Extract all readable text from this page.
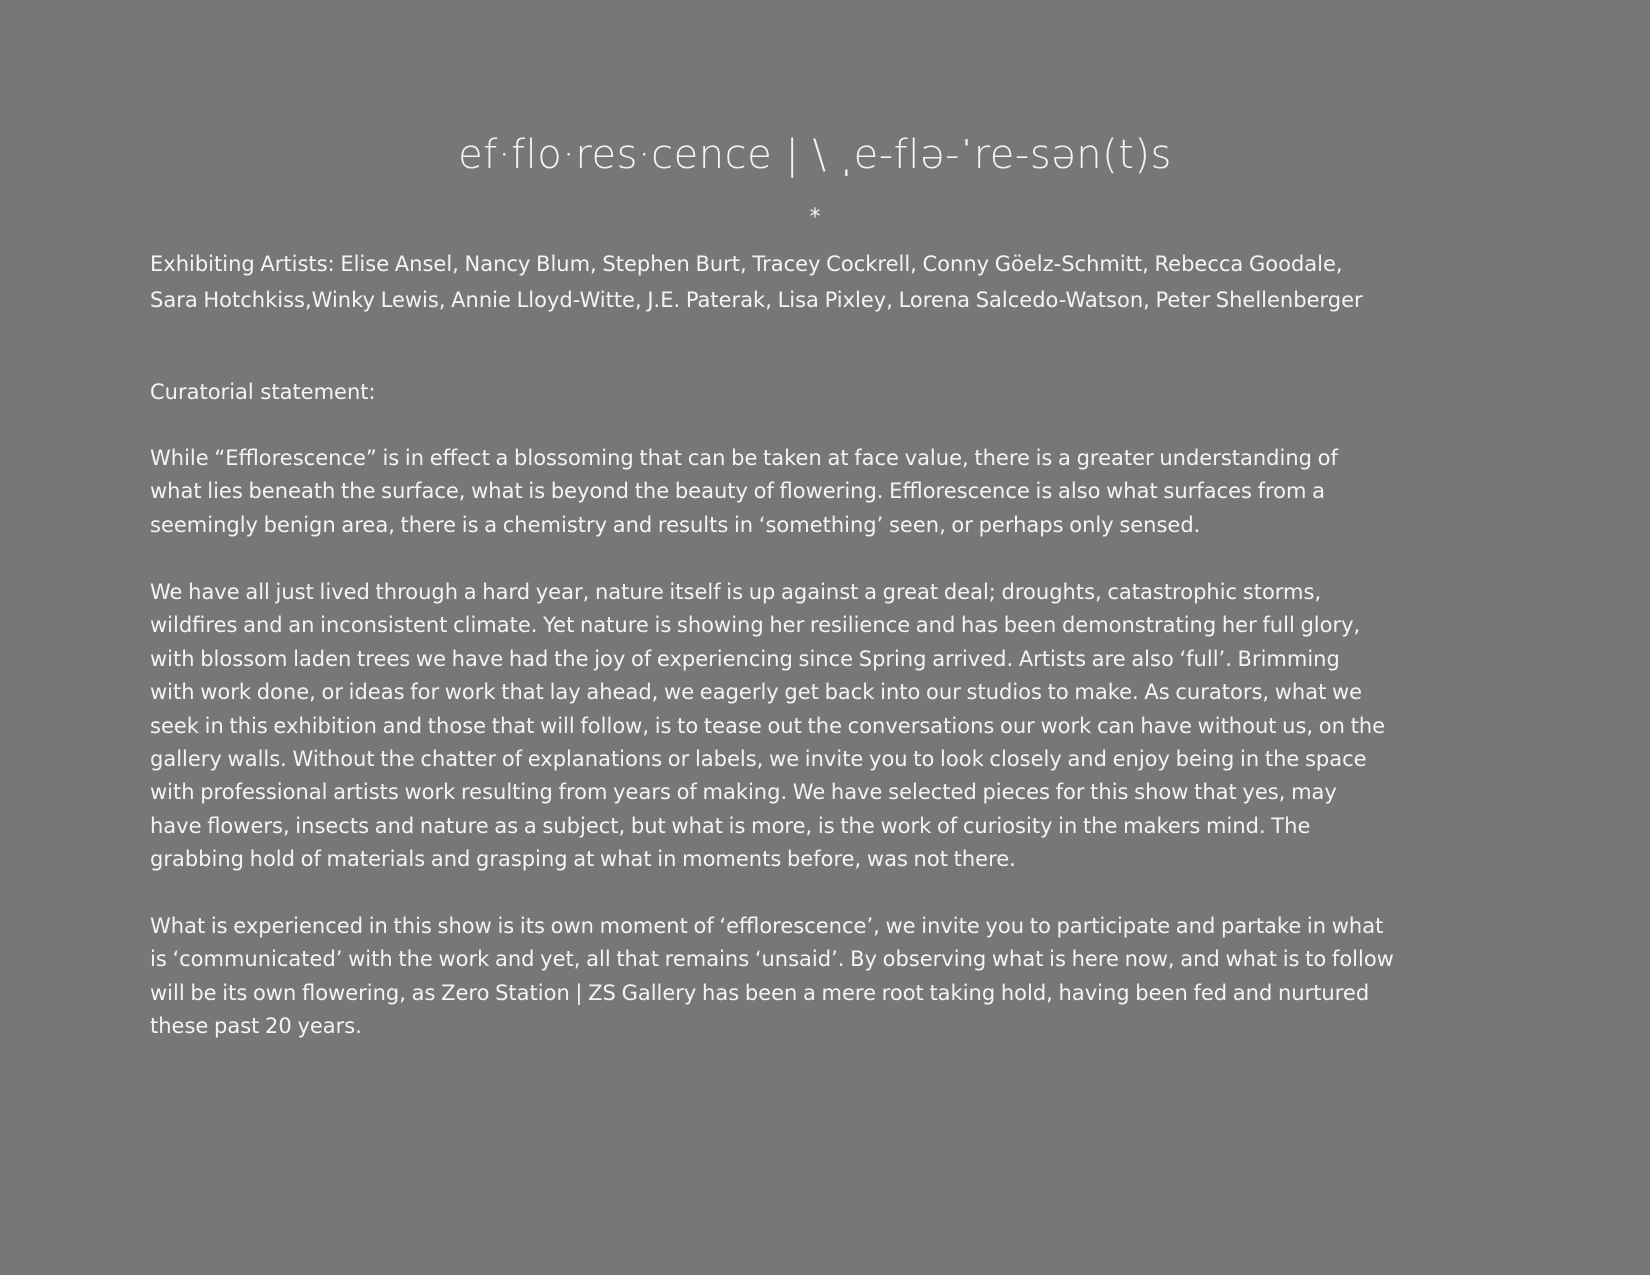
ef·flo·res·cence | \ ˌe-flə-ˈre-sən(t)s
*
Exhibiting Artists: Elise Ansel, Nancy Blum, Stephen Burt, Tracey Cockrell, Conny Göelz-Schmitt, Rebecca Goodale,
Sara Hotchkiss,Winky Lewis, Annie Lloyd-Witte, J.E. Paterak, Lisa Pixley, Lorena Salcedo-Watson, Peter Shellenberger
Curatorial statement:
While “Efflorescence” is in effect a blossoming that can be taken at face value, there is a greater understanding of
what lies beneath the surface, what is beyond the beauty of flowering. Efflorescence is also what surfaces from a
seemingly benign area, there is a chemistry and results in ‘something’ seen, or perhaps only sensed.
We have all just lived through a hard year, nature itself is up against a great deal; droughts, catastrophic storms,
wildfires and an inconsistent climate. Yet nature is showing her resilience and has been demonstrating her full glory,
with blossom laden trees we have had the joy of experiencing since Spring arrived. Artists are also ‘full’. Brimming
with work done, or ideas for work that lay ahead, we eagerly get back into our studios to make. As curators, what we
seek in this exhibition and those that will follow, is to tease out the conversations our work can have without us, on the
gallery walls. Without the chatter of explanations or labels, we invite you to look closely and enjoy being in the space
with professional artists work resulting from years of making. We have selected pieces for this show that yes, may
have flowers, insects and nature as a subject, but what is more, is the work of curiosity in the makers mind. The
grabbing hold of materials and grasping at what in moments before, was not there.
What is experienced in this show is its own moment of ‘efflorescence’, we invite you to participate and partake in what
is ‘communicated’ with the work and yet, all that remains ‘unsaid’. By observing what is here now, and what is to follow
will be its own flowering, as Zero Station | ZS Gallery has been a mere root taking hold, having been fed and nurtured
these past 20 years.
